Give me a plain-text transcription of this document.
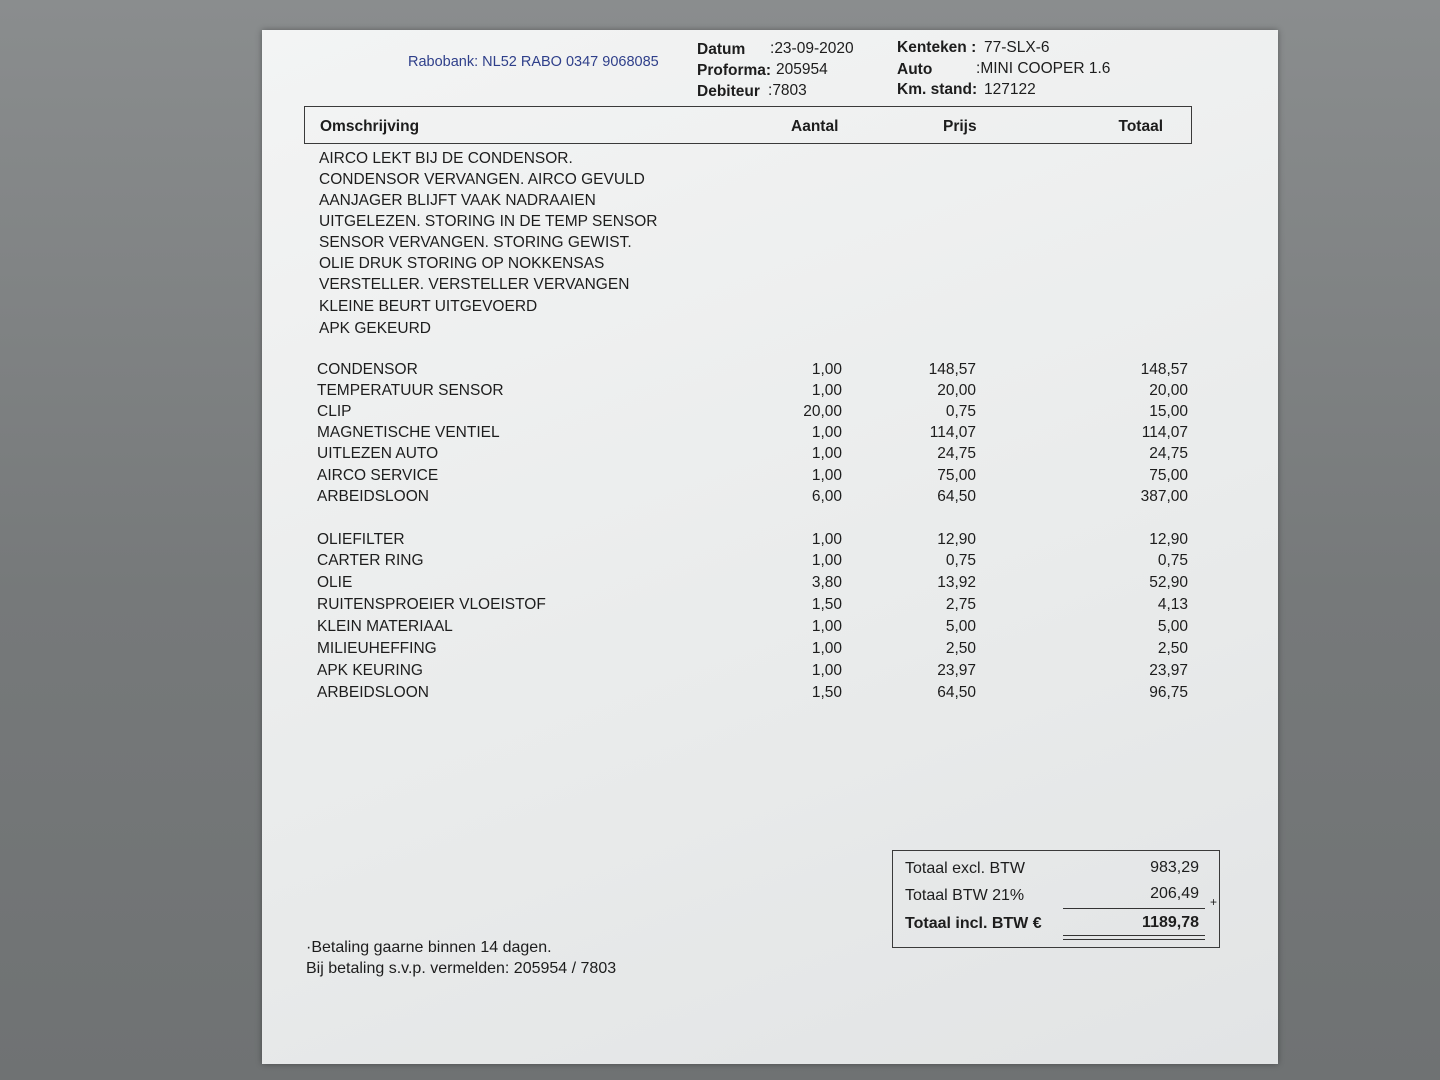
Rabobank: NL52 RABO 0347 9068085
Datum :23-09-2020
Proforma: 205954
Debiteur :7803
Kenteken : 77-SLX-6
Auto	:MINI COOPER 1.6
Km. stand: 127122
Omschrijving	Aantal	Prijs	Totaal
AIRCO LEKT BIJ DE CONDENSOR.
CONDENSOR VERVANGEN. AIRCO GEVULD
AANJAGER BLIJFT VAAK NADRAAIEN
UITGELEZEN. STORING IN DE TEMP SENSOR
SENSOR VERVANGEN. STORING GEWIST.
OLIE DRUK STORING OP NOKKENSAS
VERSTELLER. VERSTELLER VERVANGEN
KLEINE BEURT UITGEVOERD
APK GEKEURD
CONDENSOR	1,00	148,57	148,57
TEMPERATUUR SENSOR	1,00	20,00	20,00
CLIP	20,00	0,75	15,00
MAGNETISCHE VENTIEL	1,00	114,07	114,07
UITLEZEN AUTO	1,00	24,75	24,75
AIRCO SERVICE	1,00	75,00	75,00
ARBEIDSLOON	6,00	64,50	387,00
OLIEFILTER	1,00	12,90	12,90
CARTER RING	1,00	0,75	0,75
OLIE	3,80	13,92	52,90
RUITENSPROEIER VLOEISTOF	1,50	2,75	4,13
KLEIN MATERIAAL	1,00	5,00	5,00
MILIEUHEFFING	1,00	2,50	2,50
APK KEURING	1,00	23,97	23,97
ARBEIDSLOON	1,50	64,50	96,75
Totaal excl. BTW	983,29
Totaal BTW 21%	206,49 +
Totaal incl. BTW €	1189,78
·Betaling gaarne binnen 14 dagen.
Bij betaling s.v.p. vermelden: 205954 / 7803
